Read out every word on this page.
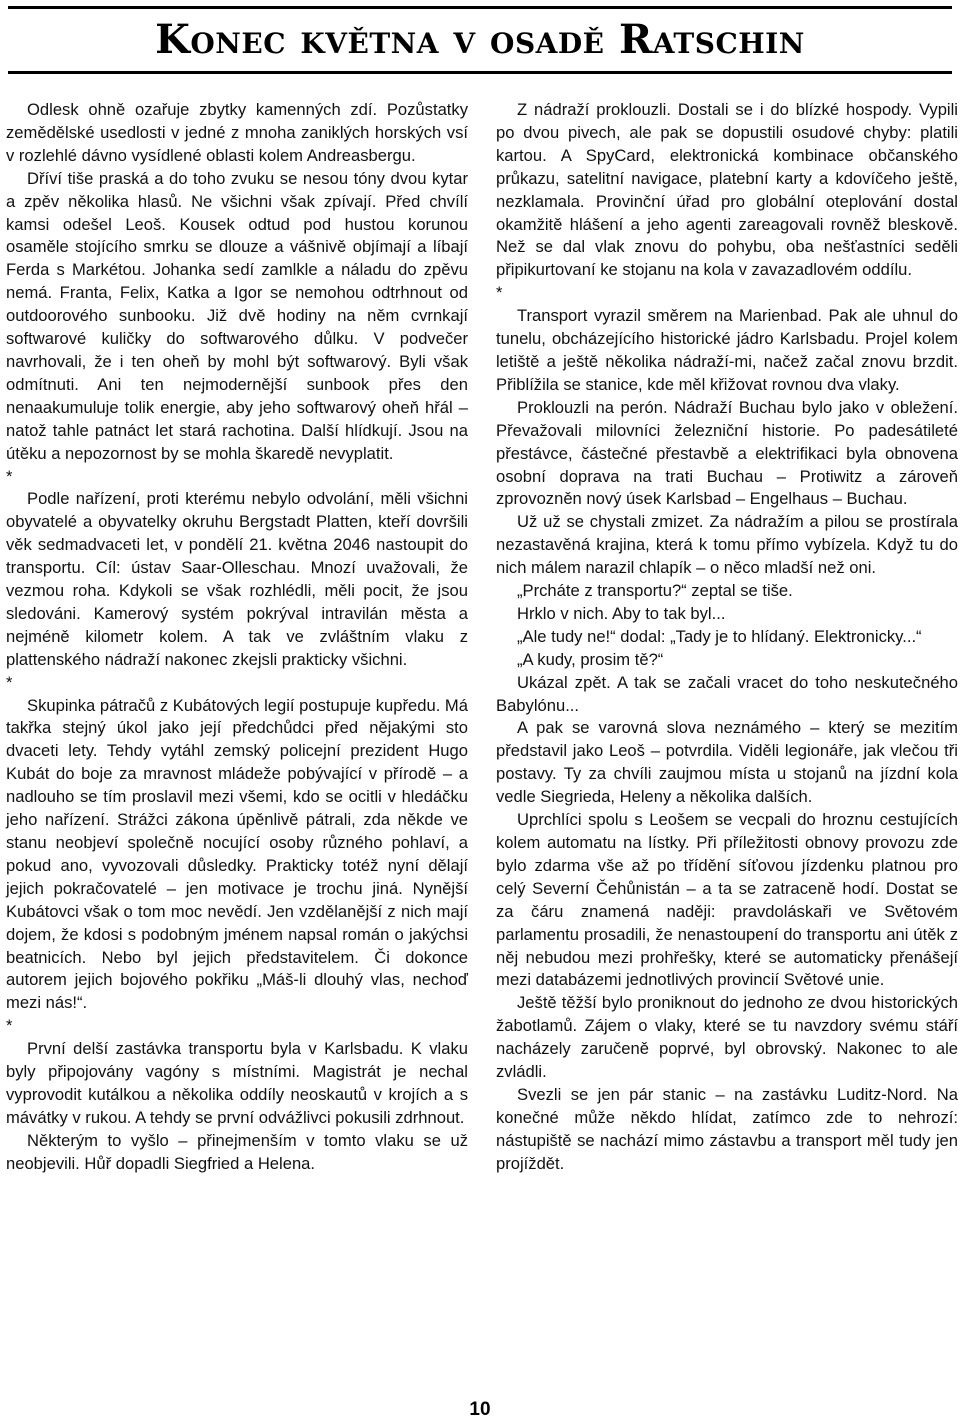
Konec května v osadě Ratschin

Odlesk ohně ozařuje zbytky kamenných zdí. Pozůstatky zemědělské usedlosti v jedné z mnoha zaniklých horských vsí v rozlehlé dávno vysídlené oblasti kolem Andreasbergu.

Dříví tiše praská a do toho zvuku se nesou tóny dvou kytar a zpěv několika hlasů. Ne všichni však zpívají. Před chvílí kamsi odešel Leoš. Kousek odtud pod hustou korunou osaměle stojícího smrku se dlouze a vášnivě objímají a líbají Ferda s Markétou. Johanka sedí zamlkle a náladu do zpěvu nemá. Franta, Felix, Katka a Igor se nemohou odtrhnout od outdoorového sunbooku. Již dvě hodiny na něm cvrnkají softwarové kuličky do softwarového důlku. V podvečer navrhovali, že i ten oheň by mohl být softwarový. Byli však odmítnuti. Ani ten nejmodernější sunbook přes den nenaakumuluje tolik energie, aby jeho softwarový oheň hřál – natož tahle patnáct let stará rachotina. Další hlídkují. Jsou na útěku a nepozornost by se mohla škaredě nevyplatit.

*

Podle nařízení, proti kterému nebylo odvolání, měli všichni obyvatelé a obyvatelky okruhu Bergstadt Platten, kteří dovršili věk sedmadvaceti let, v pondělí 21. května 2046 nastoupit do transportu. Cíl: ústav Saar-Olleschau. Mnozí uvažovali, že vezmou roha. Kdykoli se však rozhlédli, měli pocit, že jsou sledováni. Kamerový systém pokrýval intravilán města a nejméně kilometr kolem. A tak ve zvláštním vlaku z plattenského nádraží nakonec zkejsli prakticky všichni.

*

Skupinka pátračů z Kubátových legií postupuje kupředu. Má takřka stejný úkol jako její předchůdci před nějakými sto dvaceti lety. Tehdy vytáhl zemský policejní prezident Hugo Kubát do boje za mravnost mládeže pobývající v přírodě – a nadlouho se tím proslavil mezi všemi, kdo se ocitli v hledáčku jeho nařízení. Strážci zákona úpěnlivě pátrali, zda někde ve stanu neobjeví společně nocující osoby různého pohlaví, a pokud ano, vyvozovali důsledky. Prakticky totéž nyní dělají jejich pokračovatelé – jen motivace je trochu jiná. Nynější Kubátovci však o tom moc nevědí. Jen vzdělanější z nich mají dojem, že kdosi s podobným jménem napsal román o jakýchsi beatnicích. Nebo byl jejich představitelem. Či dokonce autorem jejich bojového pokřiku „Máš-li dlouhý vlas, nechoď mezi nás!“.

*

První delší zastávka transportu byla v Karlsbadu. K vlaku byly připojovány vagóny s místními. Magistrát je nechal vyprovodit kutálkou a několika oddíly neoskautů v krojích a s mávátky v rukou. A tehdy se první odvážlivci pokusili zdrhnout.

Některým to vyšlo – přinejmenším v tomto vlaku se už neobjevili. Hůř dopadli Siegfried a Helena.

Z nádraží proklouzli. Dostali se i do blízké hospody. Vypili po dvou pivech, ale pak se dopustili osudové chyby: platili kartou. A SpyCard, elektronická kombinace občanského průkazu, satelitní navigace, platební karty a kdovíčeho ještě, nezklamala. Provinční úřad pro globální oteplování dostal okamžitě hlášení a jeho agenti zareagovali rovněž bleskově. Než se dal vlak znovu do pohybu, oba nešťastníci seděli připikurtovaní ke stojanu na kola v zavazadlovém oddílu.

*

Transport vyrazil směrem na Marienbad. Pak ale uhnul do tunelu, obcházejícího historické jádro Karlsbadu. Projel kolem letiště a ještě několika nádraží-mi, načež začal znovu brzdit. Přiblížila se stanice, kde měl křižovat rovnou dva vlaky.

Proklouzli na perón. Nádraží Buchau bylo jako v obležení. Převažovali milovníci železniční historie. Po padesátileté přestávce, částečné přestavbě a elektrifikaci byla obnovena osobní doprava na trati Buchau – Protiwitz a zároveň zprovozněn nový úsek Karlsbad – Engelhaus – Buchau.

Už už se chystali zmizet. Za nádražím a pilou se prostírala nezastavěná krajina, která k tomu přímo vybízela. Když tu do nich málem narazil chlapík – o něco mladší než oni.

„Prcháte z transportu?“ zeptal se tiše.

Hrklo v nich. Aby to tak byl...

„Ale tudy ne!“ dodal: „Tady je to hlídaný. Elektronicky...“

„A kudy, prosim tě?“

Ukázal zpět. A tak se začali vracet do toho neskutečného Babylónu...

A pak se varovná slova neznámého – který se mezitím představil jako Leoš – potvrdila. Viděli legionáře, jak vlečou tři postavy. Ty za chvíli zaujmou místa u stojanů na jízdní kola vedle Siegrieda, Heleny a několika dalších.

Uprchlíci spolu s Leošem se vecpali do hroznu cestujících kolem automatu na lístky. Při příležitosti obnovy provozu zde bylo zdarma vše až po třídění síťovou jízdenku platnou pro celý Severní Čehůnistán – a ta se zatraceně hodí. Dostat se za čáru znamená naději: pravdoláskaři ve Světovém parlamentu prosadili, že nenastoupení do transportu ani útěk z něj nebudou mezi prohřešky, které se automaticky přenášejí mezi databázemi jednotlivých provincií Světové unie.

Ještě těžší bylo proniknout do jednoho ze dvou historických žabotlamů. Zájem o vlaky, které se tu navzdory svému stáří nacházely zaručeně poprvé, byl obrovský. Nakonec to ale zvládli.

Svezli se jen pár stanic – na zastávku Luditz-Nord. Na konečné může někdo hlídat, zatímco zde to nehrozí: nástupiště se nachází mimo zástavbu a transport měl tudy jen projíždět.

10
